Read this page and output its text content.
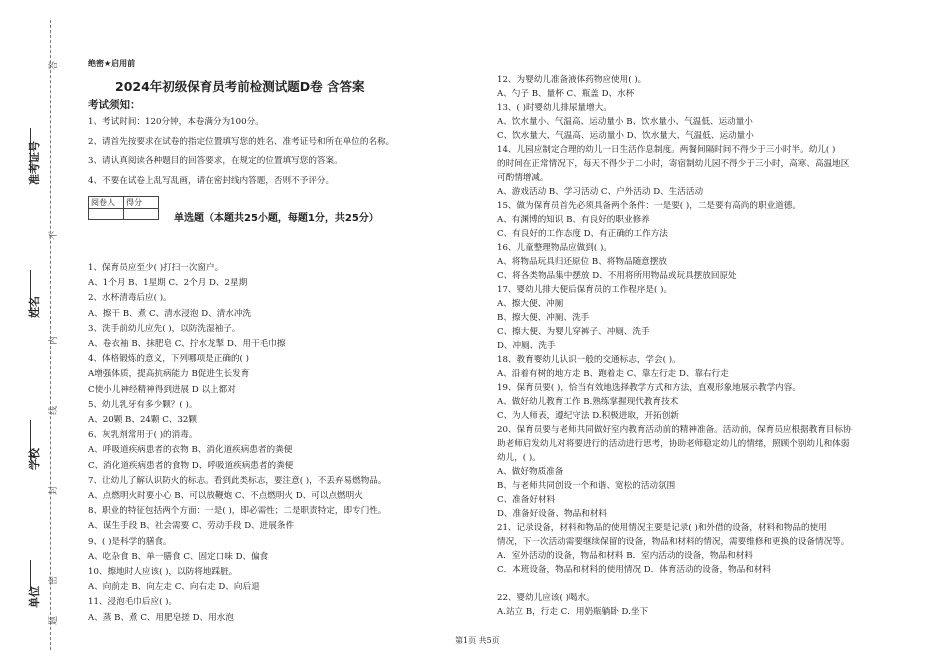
准考证号
姓名
学校
单位
答
不
内
线
封
密
题
绝密★启用前
2024年初级保育员考前检测试题D卷 含答案
考试须知：
1、考试时间：120分钟，本卷满分为100分。
2、请首先按要求在试卷的指定位置填写您的姓名、准考证号和所在单位的名称。
3、请认真阅读各种题目的回答要求，在规定的位置填写您的答案。
4、不要在试卷上乱写乱画，请在密封线内答题，否则不予评分。
阅卷人	得分

单选题（本题共25小题，每题1分，共25分）
1、保育员应至少( )打扫一次窗户。
A、1个月 B、1星期 C、2个月 D、2星期
2、水杯清毒后应( )。
A、擦干 B、煮 C、清水浸泡 D、清水冲洗
3、洗手前幼儿应先( )，以防洗湿袖子。
A、卷衣袖 B、抹肥皂 C、拧水龙掣 D、用干毛巾擦
4、体格锻炼的意义，下列哪项是正确的( )
A增强体质，提高抗病能力 B促进生长发育
C使小儿神经精神得到进展 D 以上都对
5、幼儿乳牙有多少颗？( )。
A、20颗 B、24颗 C、32颗
6、灰乳剂常用于( )的消毒。
A、呼吸道疾病患者的衣物 B、消化道疾病患者的粪便
C、消化道疾病患者的食物 D、呼吸道疾病患者的粪便
7、让幼儿了解认识防火的标志。看到此类标志，要注意( )，不丢弃易燃物品。
A、点燃明火时要小心 B、可以放鞭炮 C、不点燃明火 D、可以点燃明火
8、职业的特征包括两个方面：一是( )，即必需性；二是职责特定，即专门性。
A、谋生手段 B、社会需要 C、劳动手段 D、进展条件
9、( )是科学的膳食。
A、吃杂食 B、单一膳食 C、固定口味 D、偏食
10、擦地时人应该( )，以防将地踩脏。
A、向前走 B、向左走 C、向右走 D、向后退
11、浸泡毛巾后应( )。
A、蒸 B、煮 C、用肥皂搓 D、用水泡
12、为婴幼儿准备液体药物应使用( )。
A、勺子 B、量杯 C、瓶盖 D、水杯
13、( )时婴幼儿排尿量增大。
A、饮水量小、气温高、运动量小 B、饮水量小、气温低、运动量小
C、饮水量大、气温高、运动量小 D、饮水量大、气温低、运动量小
14、儿园应制定合理的幼儿一日生活作息制度。两餐间隔时间不得少于三小时半。幼儿( )
的时间在正常情况下，每天不得少于二小时，寄宿制幼儿园不得少于三小时，高寒、高温地区
可酌情增减。
A、游戏活动 B、学习活动 C、户外活动 D、生活活动
15、做为保育员首先必须具备两个条件：一是要( )，二是要有高尚的职业道德。
A、有渊博的知识 B、有良好的职业修养
C、有良好的工作态度 D、有正确的工作方法
16、儿童整理物品应做到( )。
A、将物品玩具归还原位 B、将物品随意摆放
C、将各类物品集中摆放 D、不用将所用物品或玩具摆放回原处
17、婴幼儿排大便后保育员的工作程序是( )。
A、擦大便、冲厕
B、擦大便、冲厕、洗手
C、擦大便、为婴儿穿裤子、冲厕、洗手
D、冲厕、洗手
18、教育婴幼儿认识一般的交通标志，学会( )。
A、沿着有树的地方走 B、跑着走 C、靠左行走 D、靠右行走
19、保育员要( )，恰当有效地选择教学方式和方法，直观形象地展示教学内容。
A、做好幼儿教育工作 B.熟练掌握现代教育技术
C、为人师表，遵纪守法 D.积极进取，开拓创新
20、保育员要与老师共同做好室内教育活动前的精神准备。活动前，保育员应根据教育目标协
助老师启发幼儿对将要进行的活动进行思考，协助老师稳定幼儿的情绪，照顾个别幼儿和体弱
幼儿，( )。
A、做好物质准备
B、与老师共同创设一个和谐、宽松的活动氛围
C、准备好材料
D、准备好设备、物品和材料
21、记录设备，材料和物品的使用情况主要是记录( )和外借的设备，材料和物品的使用
情况，下一次活动需要继续保留的设备，物品和材料的情况，需要维修和更换的设备情况等。
A．室外活动的设备，物品和材料 B．室内活动的设备，物品和材料
C．本班设备，物品和材料的使用情况 D．体育活动的设备，物品和材料
22、婴幼儿应该( )喝水。
A.站立 B，行走 C．用奶瓶躺卧 D.坐下
第1页 共5页
